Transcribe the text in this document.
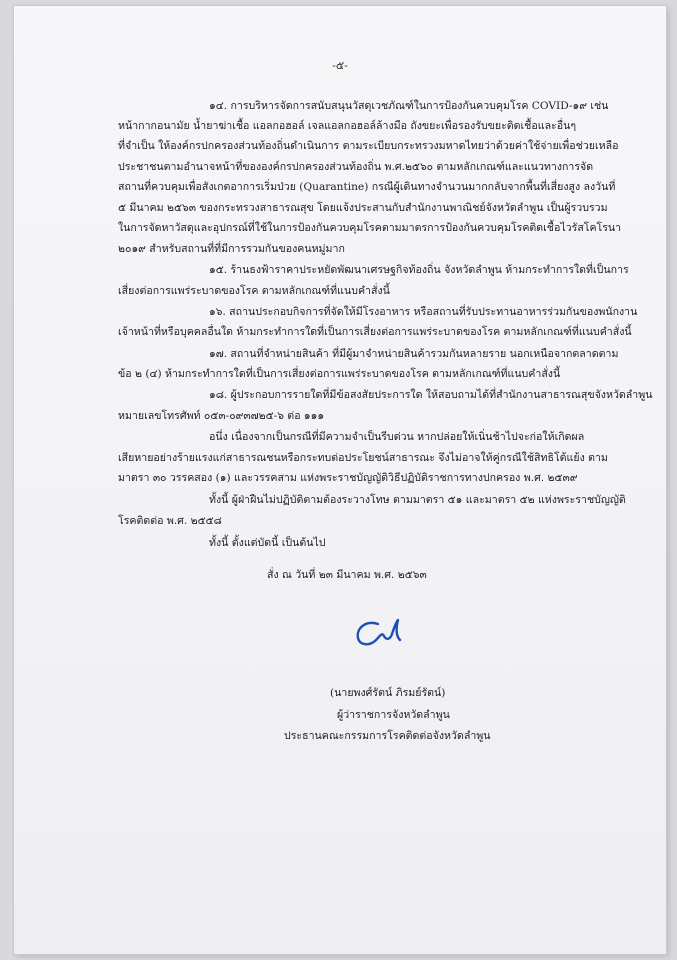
-๕-
๑๔. การบริหารจัดการสนับสนุนวัสดุเวชภัณฑ์ในการป้องกันควบคุมโรค COVID-๑๙ เช่น
หน้ากากอนามัย น้ำยาฆ่าเชื้อ แอลกอฮอล์ เจลแอลกอฮอล์ล้างมือ ถังขยะเพื่อรองรับขยะติดเชื้อและอื่นๆ
ที่จำเป็น ให้องค์กรปกครองส่วนท้องถิ่นดำเนินการ ตามระเบียบกระทรวงมหาดไทยว่าด้วยค่าใช้จ่ายเพื่อช่วยเหลือ
ประชาชนตามอำนาจหน้าที่ขององค์กรปกครองส่วนท้องถิ่น พ.ศ.๒๕๖๐ ตามหลักเกณฑ์และแนวทางการจัด
สถานที่ควบคุมเพื่อสังเกตอาการเริ่มป่วย (Quarantine) กรณีผู้เดินทางจำนวนมากกลับจากพื้นที่เสี่ยงสูง ลงวันที่
๕ มีนาคม ๒๕๖๓ ของกระทรวงสาธารณสุข โดยแจ้งประสานกับสำนักงานพาณิชย์จังหวัดลำพูน เป็นผู้รวบรวม
ในการจัดหาวัสดุและอุปกรณ์ที่ใช้ในการป้องกันควบคุมโรคตามมาตรการป้องกันควบคุมโรคติดเชื้อไวรัสโคโรนา
๒๐๑๙ สำหรับสถานที่ที่มีการรวมกันของคนหมู่มาก
๑๕. ร้านธงฟ้าราคาประหยัดพัฒนาเศรษฐกิจท้องถิ่น จังหวัดลำพูน ห้ามกระทำการใดที่เป็นการ
เสี่ยงต่อการแพร่ระบาดของโรค ตามหลักเกณฑ์ที่แนบคำสั่งนี้
๑๖. สถานประกอบกิจการที่จัดให้มีโรงอาหาร หรือสถานที่รับประทานอาหารร่วมกันของพนักงาน
เจ้าหน้าที่หรือบุคคลอื่นใด ห้ามกระทำการใดที่เป็นการเสี่ยงต่อการแพร่ระบาดของโรค ตามหลักเกณฑ์ที่แนบคำสั่งนี้
๑๗. สถานที่จำหน่ายสินค้า ที่มีผู้มาจำหน่ายสินค้ารวมกันหลายราย นอกเหนือจากตลาดตาม
ข้อ ๒ (๔) ห้ามกระทำการใดที่เป็นการเสี่ยงต่อการแพร่ระบาดของโรค ตามหลักเกณฑ์ที่แนบคำสั่งนี้
๑๘. ผู้ประกอบการรายใดที่มีข้อสงสัยประการใด ให้สอบถามได้ที่สำนักงานสาธารณสุขจังหวัดลำพูน
หมายเลขโทรศัพท์ ๐๕๓-๐๙๓๗๒๕-๖ ต่อ ๑๑๑
อนึ่ง เนื่องจากเป็นกรณีที่มีความจำเป็นรีบด่วน หากปล่อยให้เนิ่นช้าไปจะก่อให้เกิดผล
เสียหายอย่างร้ายแรงแก่สาธารณชนหรือกระทบต่อประโยชน์สาธารณะ จึงไม่อาจให้คู่กรณีใช้สิทธิโต้แย้ง ตาม
มาตรา ๓๐ วรรคสอง (๑) และวรรคสาม แห่งพระราชบัญญัติวิธีปฏิบัติราชการทางปกครอง พ.ศ. ๒๕๓๙
ทั้งนี้ ผู้ฝ่าฝืนไม่ปฏิบัติตามต้องระวางโทษ ตามมาตรา ๕๑ และมาตรา ๕๒ แห่งพระราชบัญญัติ
โรคติดต่อ พ.ศ. ๒๕๕๘
ทั้งนี้ ตั้งแต่บัดนี้ เป็นต้นไป
สั่ง ณ วันที่ ๒๓ มีนาคม พ.ศ. ๒๕๖๓
(นายพงศ์รัตน์ ภิรมย์รัตน์)
ผู้ว่าราชการจังหวัดลำพูน
ประธานคณะกรรมการโรคติดต่อจังหวัดลำพูน
